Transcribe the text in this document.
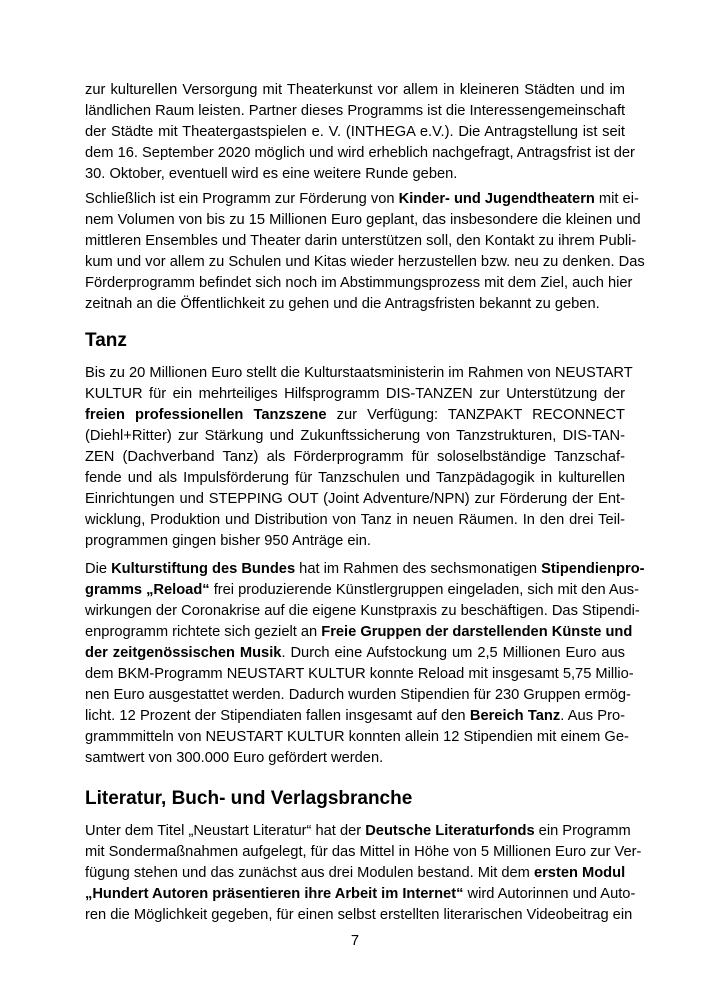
zur kulturellen Versorgung mit Theaterkunst vor allem in kleineren Städten und im
ländlichen Raum leisten. Partner dieses Programms ist die Interessengemeinschaft
der Städte mit Theatergastspielen e. V. (INTHEGA e.V.). Die Antragstellung ist seit
dem 16. September 2020 möglich und wird erheblich nachgefragt, Antragsfrist ist der
30. Oktober, eventuell wird es eine weitere Runde geben.
Schließlich ist ein Programm zur Förderung von Kinder- und Jugendtheatern mit ei-
nem Volumen von bis zu 15 Millionen Euro geplant, das insbesondere die kleinen und
mittleren Ensembles und Theater darin unterstützen soll, den Kontakt zu ihrem Publi-
kum und vor allem zu Schulen und Kitas wieder herzustellen bzw. neu zu denken. Das
Förderprogramm befindet sich noch im Abstimmungsprozess mit dem Ziel, auch hier
zeitnah an die Öffentlichkeit zu gehen und die Antragsfristen bekannt zu geben.
Tanz
Bis zu 20 Millionen Euro stellt die Kulturstaatsministerin im Rahmen von NEUSTART
KULTUR für ein mehrteiliges Hilfsprogramm DIS-TANZEN zur Unterstützung der
freien professionellen Tanzszene zur Verfügung: TANZPAKT RECONNECT
(Diehl+Ritter) zur Stärkung und Zukunftssicherung von Tanzstrukturen, DIS-TAN-
ZEN (Dachverband Tanz) als Förderprogramm für soloselbständige Tanzschaf-
fende und als Impulsförderung für Tanzschulen und Tanzpädagogik in kulturellen
Einrichtungen und STEPPING OUT (Joint Adventure/NPN) zur Förderung der Ent-
wicklung, Produktion und Distribution von Tanz in neuen Räumen. In den drei Teil-
programmen gingen bisher 950 Anträge ein.
Die Kulturstiftung des Bundes hat im Rahmen des sechsmonatigen Stipendienpro-
gramms „Reload“ frei produzierende Künstlergruppen eingeladen, sich mit den Aus-
wirkungen der Coronakrise auf die eigene Kunstpraxis zu beschäftigen. Das Stipendi-
enprogramm richtete sich gezielt an Freie Gruppen der darstellenden Künste und
der zeitgenössischen Musik. Durch eine Aufstockung um 2,5 Millionen Euro aus
dem BKM-Programm NEUSTART KULTUR konnte Reload mit insgesamt 5,75 Millio-
nen Euro ausgestattet werden. Dadurch wurden Stipendien für 230 Gruppen ermög-
licht. 12 Prozent der Stipendiaten fallen insgesamt auf den Bereich Tanz. Aus Pro-
grammmitteln von NEUSTART KULTUR konnten allein 12 Stipendien mit einem Ge-
samtwert von 300.000 Euro gefördert werden.
Literatur, Buch- und Verlagsbranche
Unter dem Titel „Neustart Literatur“ hat der Deutsche Literaturfonds ein Programm
mit Sondermaßnahmen aufgelegt, für das Mittel in Höhe von 5 Millionen Euro zur Ver-
fügung stehen und das zunächst aus drei Modulen bestand. Mit dem ersten Modul
„Hundert Autoren präsentieren ihre Arbeit im Internet“ wird Autorinnen und Auto-
ren die Möglichkeit gegeben, für einen selbst erstellten literarischen Videobeitrag ein
7
